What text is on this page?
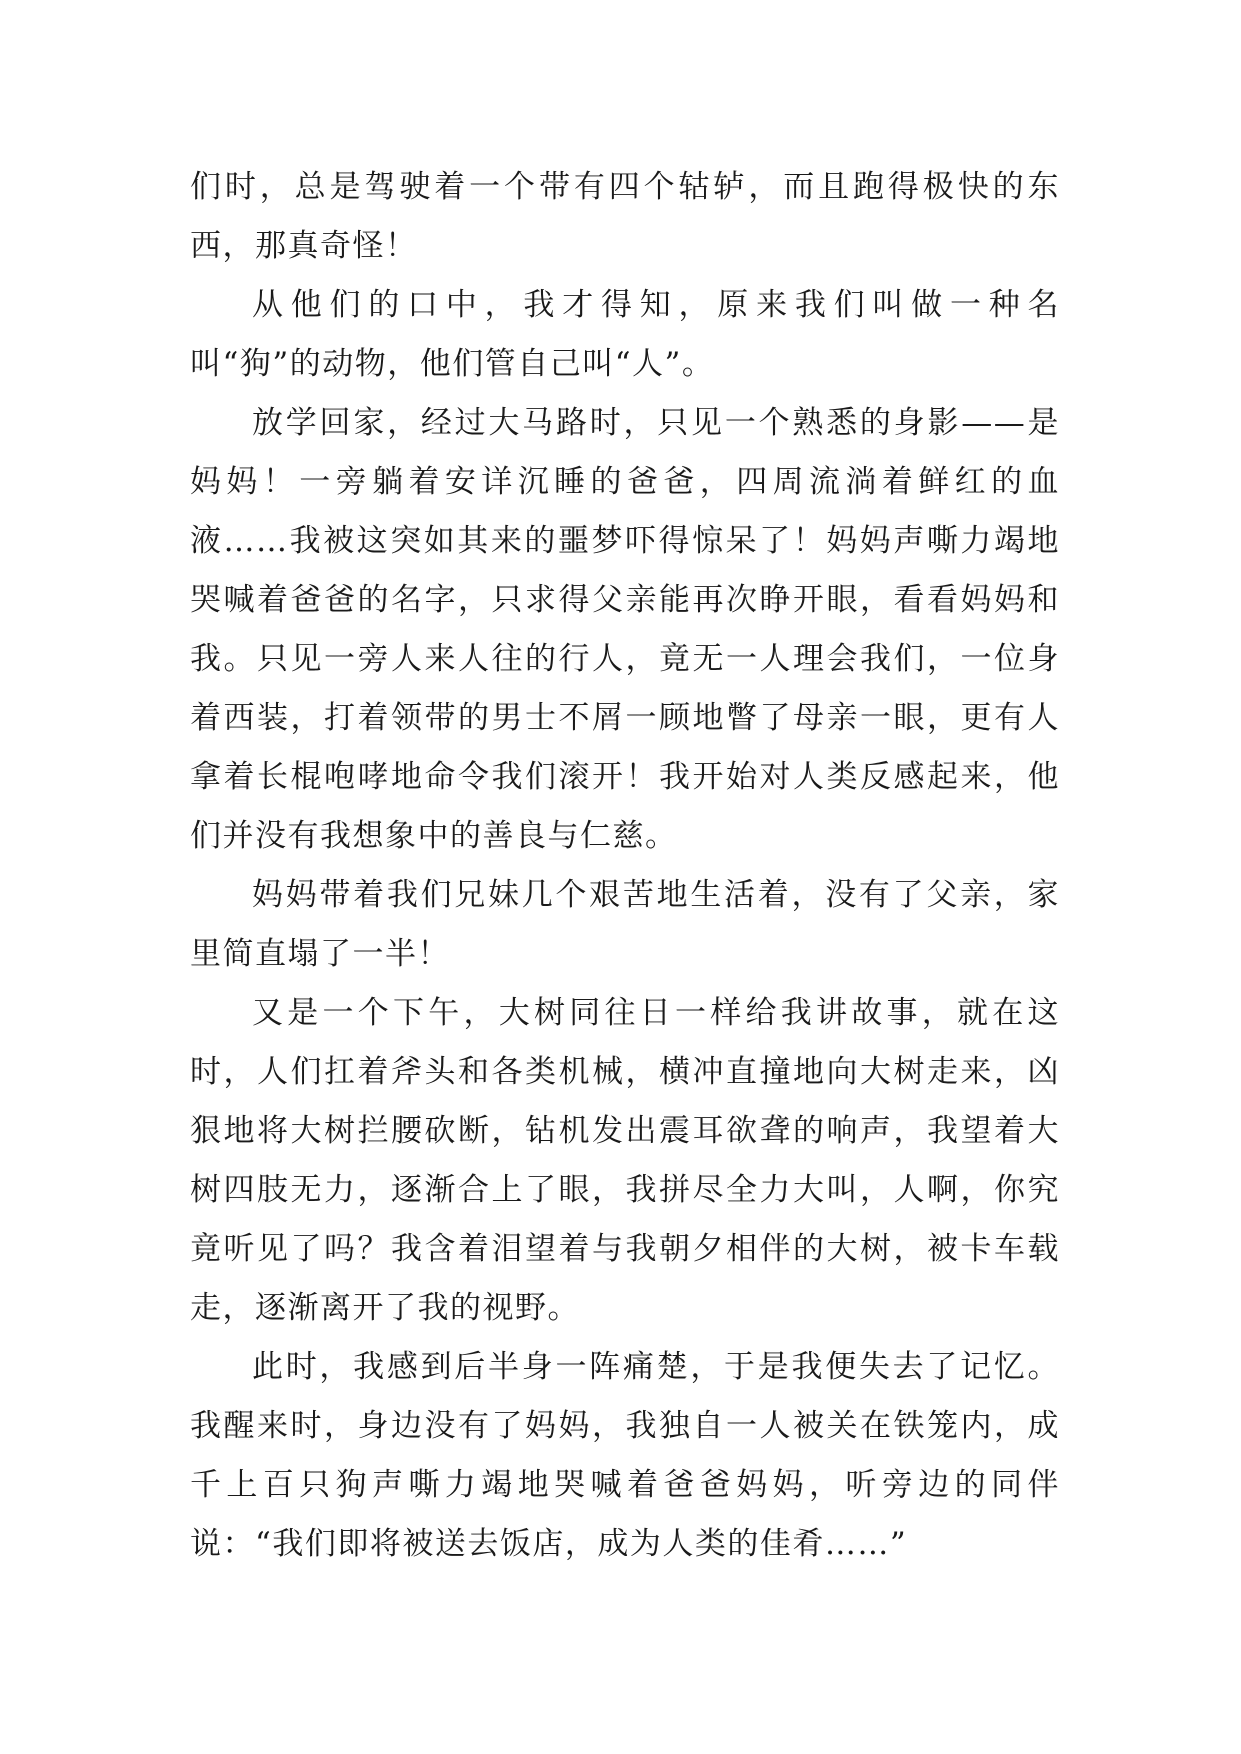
们时，总是驾驶着一个带有四个轱轳，而且跑得极快的东西，那真奇怪！

从他们的口中，我才得知，原来我们叫做一种名叫“狗”的动物，他们管自己叫“人”。

放学回家，经过大马路时，只见一个熟悉的身影——是妈妈！一旁躺着安详沉睡的爸爸，四周流淌着鲜红的血液……我被这突如其来的噩梦吓得惊呆了！妈妈声嘶力竭地哭喊着爸爸的名字，只求得父亲能再次睁开眼，看看妈妈和我。只见一旁人来人往的行人，竟无一人理会我们，一位身着西装，打着领带的男士不屑一顾地瞥了母亲一眼，更有人拿着长棍咆哮地命令我们滚开！我开始对人类反感起来，他们并没有我想象中的善良与仁慈。

妈妈带着我们兄妹几个艰苦地生活着，没有了父亲，家里简直塌了一半！

又是一个下午，大树同往日一样给我讲故事，就在这时，人们扛着斧头和各类机械，横冲直撞地向大树走来，凶狠地将大树拦腰砍断，钻机发出震耳欲聋的响声，我望着大树四肢无力，逐渐合上了眼，我拼尽全力大叫，人啊，你究竟听见了吗？我含着泪望着与我朝夕相伴的大树，被卡车载走，逐渐离开了我的视野。

此时，我感到后半身一阵痛楚，于是我便失去了记忆。我醒来时，身边没有了妈妈，我独自一人被关在铁笼内，成千上百只狗声嘶力竭地哭喊着爸爸妈妈，听旁边的同伴说：“我们即将被送去饭店，成为人类的佳肴……”
